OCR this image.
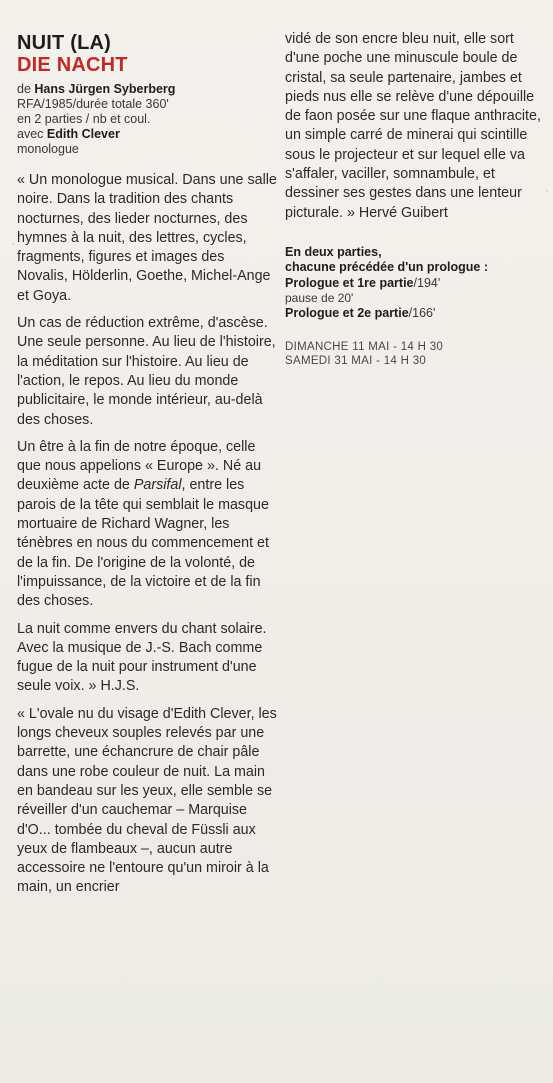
NUIT (LA)
DIE NACHT
de Hans Jürgen Syberberg
RFA/1985/durée totale 360'
en 2 parties / nb et coul.
avec Edith Clever
monologue

« Un monologue musical. Dans une salle noire. Dans la tradition des chants nocturnes, des lieder nocturnes, des hymnes à la nuit, des lettres, cycles, fragments, figures et images des Novalis, Hölderlin, Goethe, Michel-Ange et Goya.

Un cas de réduction extrême, d'ascèse. Une seule personne. Au lieu de l'histoire, la méditation sur l'histoire. Au lieu de l'action, le repos. Au lieu du monde publicitaire, le monde intérieur, au-delà des choses.

Un être à la fin de notre époque, celle que nous appelions « Europe ». Né au deuxième acte de Parsifal, entre les parois de la tête qui semblait le masque mortuaire de Richard Wagner, les ténèbres en nous du commencement et de la fin. De l'origine de la volonté, de l'impuissance, de la victoire et de la fin des choses.

La nuit comme envers du chant solaire. Avec la musique de J.-S. Bach comme fugue de la nuit pour instrument d'une seule voix. » H.J.S.

« L'ovale nu du visage d'Edith Clever, les longs cheveux souples relevés par une barrette, une échancrure de chair pâle dans une robe couleur de nuit. La main en bandeau sur les yeux, elle semble se réveiller d'un cauchemar – Marquise d'O... tombée du cheval de Füssli aux yeux de flambeaux –, aucun autre accessoire ne l'entoure qu'un miroir à la main, un encrier

vidé de son encre bleu nuit, elle sort d'une poche une minuscule boule de cristal, sa seule partenaire, jambes et pieds nus elle se relève d'une dépouille de faon posée sur une flaque anthracite, un simple carré de minerai qui scintille sous le projecteur et sur lequel elle va s'affaler, vaciller, somnambule, et dessiner ses gestes dans une lenteur picturale. » Hervé Guibert

En deux parties,
chacune précédée d'un prologue :
Prologue et 1re partie/194'
pause de 20'
Prologue et 2e partie/166'
DIMANCHE 11 MAI - 14 H 30
SAMEDI 31 MAI - 14 H 30
·
·
